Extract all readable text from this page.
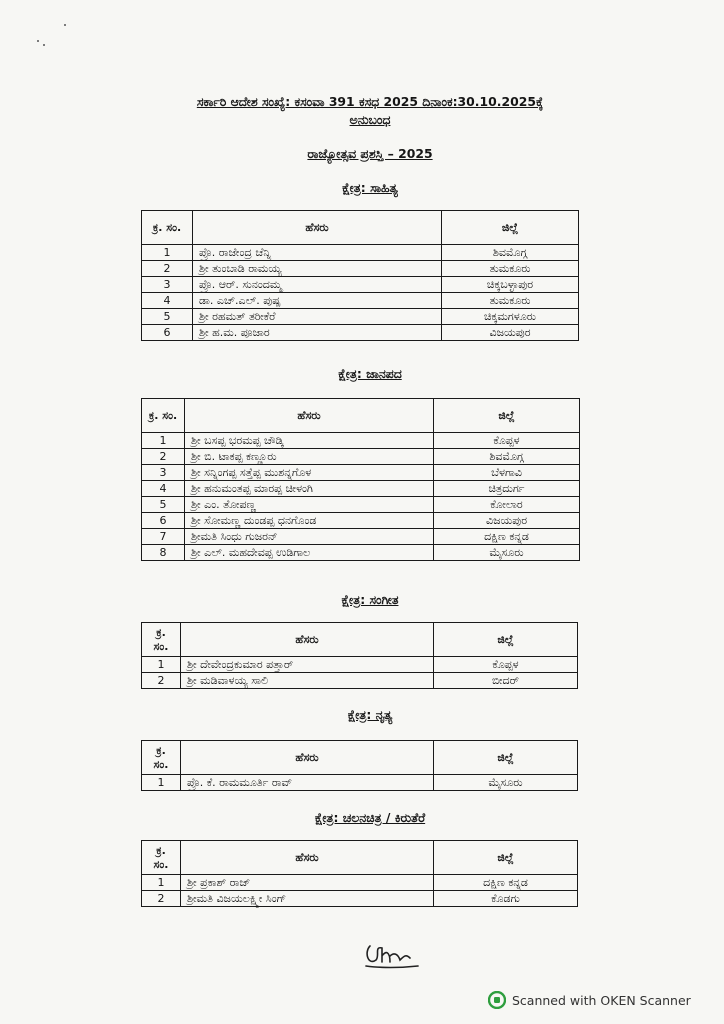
ಸರ್ಕಾರಿ ಆದೇಶ ಸಂಖ್ಯೆ: ಕಸಂವಾ 391 ಕಸಧ 2025 ದಿನಾಂಕ:30.10.2025ಕ್ಕೆ
ಅನುಬಂಧ
ರಾಜ್ಯೋತ್ಸವ ಪ್ರಶಸ್ತಿ – 2025
ಕ್ಷೇತ್ರ: ಸಾಹಿತ್ಯ
ಕ್ರ. ಸಂ.	ಹೆಸರು	ಜಿಲ್ಲೆ
1	ಪ್ರೊ. ರಾಜೇಂದ್ರ ಚೆನ್ನಿ	ಶಿವಮೊಗ್ಗ
2	ಶ್ರೀ ತುಂಬಾಡಿ ರಾಮಯ್ಯ	ತುಮಕೂರು
3	ಪ್ರೊ. ಆರ್. ಸುನಂದಮ್ಮ	ಚಿಕ್ಕಬಳ್ಳಾಪುರ
4	ಡಾ. ಎಚ್.ಎಲ್. ಪುಷ್ಪ	ತುಮಕೂರು
5	ಶ್ರೀ ರಹಮತ್ ತರೀಕೆರೆ	ಚಿಕ್ಕಮಗಳೂರು
6	ಶ್ರೀ ಹ.ಮ. ಪೂಜಾರ	ವಿಜಯಪುರ
ಕ್ಷೇತ್ರ: ಜಾನಪದ
ಕ್ರ. ಸಂ.	ಹೆಸರು	ಜಿಲ್ಲೆ
1	ಶ್ರೀ ಬಸಪ್ಪ ಭರಮಪ್ಪ ಚೌಡ್ಕಿ	ಕೊಪ್ಪಳ
2	ಶ್ರೀ ಬಿ. ಟಾಕಪ್ಪ ಕಣ್ಣೂರು	ಶಿವಮೊಗ್ಗ
3	ಶ್ರೀ ಸನ್ನಿಂಗಪ್ಪ ಸತ್ತೆಪ್ಪ ಮುಶನ್ನಗೊಳ	ಬೆಳಗಾವಿ
4	ಶ್ರೀ ಹನುಮಂತಪ್ಪ ಮಾರಪ್ಪ ಚೀಳಂಗಿ	ಚಿತ್ರದುರ್ಗ
5	ಶ್ರೀ ಎಂ. ತೋಪಣ್ಣ	ಕೋಲಾರ
6	ಶ್ರೀ ಸೋಮಣ್ಣ ದುಂಡಪ್ಪ ಧನಗೊಂಡ	ವಿಜಯಪುರ
7	ಶ್ರೀಮತಿ ಸಿಂಧು ಗುಜರನ್	ದಕ್ಷಿಣ ಕನ್ನಡ
8	ಶ್ರೀ ಎಲ್. ಮಹದೇವಪ್ಪ ಉಡಿಗಾಲ	ಮೈಸೂರು
ಕ್ಷೇತ್ರ: ಸಂಗೀತ
ಕ್ರ. ಸಂ.	ಹೆಸರು	ಜಿಲ್ಲೆ
1	ಶ್ರೀ ದೇವೇಂದ್ರಕುಮಾರ ಪತ್ತಾರ್	ಕೊಪ್ಪಳ
2	ಶ್ರೀ ಮಡಿವಾಳಯ್ಯ ಸಾಲಿ	ಬೀದರ್
ಕ್ಷೇತ್ರ: ನೃತ್ಯ
ಕ್ರ. ಸಂ.	ಹೆಸರು	ಜಿಲ್ಲೆ
1	ಪ್ರೊ. ಕೆ. ರಾಮಮೂರ್ತಿ ರಾವ್	ಮೈಸೂರು
ಕ್ಷೇತ್ರ: ಚಲನಚಿತ್ರ / ಕಿರುತೆರೆ
ಕ್ರ. ಸಂ.	ಹೆಸರು	ಜಿಲ್ಲೆ
1	ಶ್ರೀ ಪ್ರಕಾಶ್ ರಾಜ್	ದಕ್ಷಿಣ ಕನ್ನಡ
2	ಶ್ರೀಮತಿ ವಿಜಯಲಕ್ಷ್ಮೀ ಸಿಂಗ್	ಕೊಡಗು
Scanned with OKEN Scanner
